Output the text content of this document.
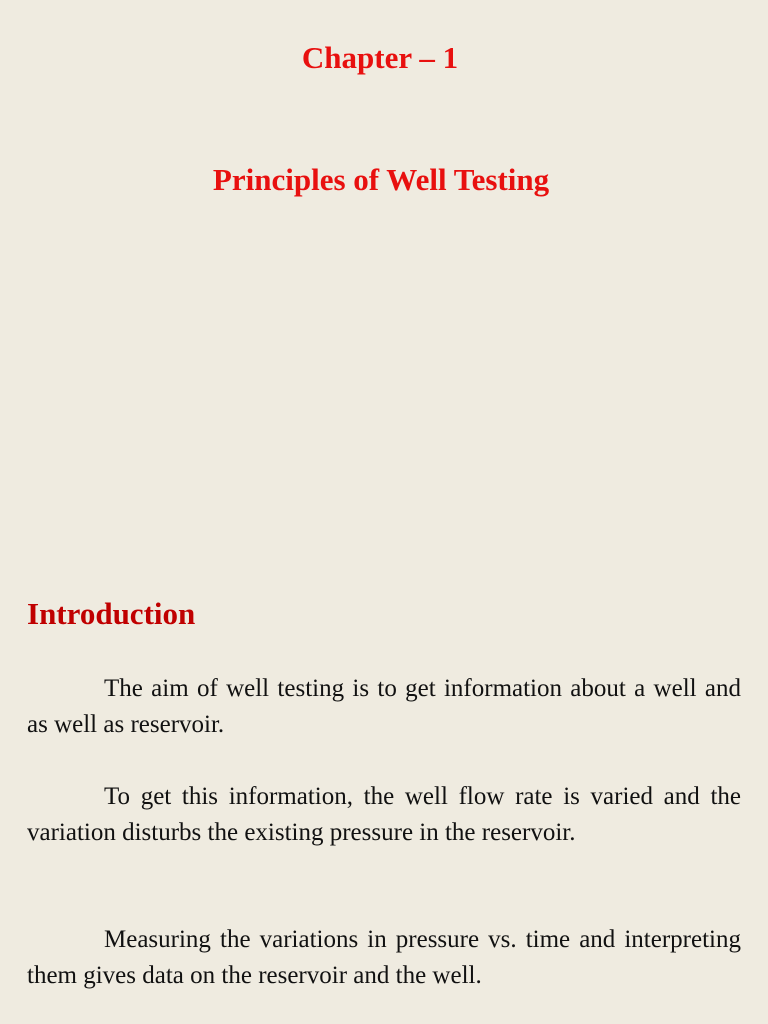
Chapter – 1
Principles of Well Testing
Introduction

The aim of well testing is to get information about a well and as well as reservoir.

To get this information, the well flow rate is varied and the variation disturbs the existing pressure in the reservoir.

Measuring the variations in pressure vs. time and interpreting them gives data on the reservoir and the well.
